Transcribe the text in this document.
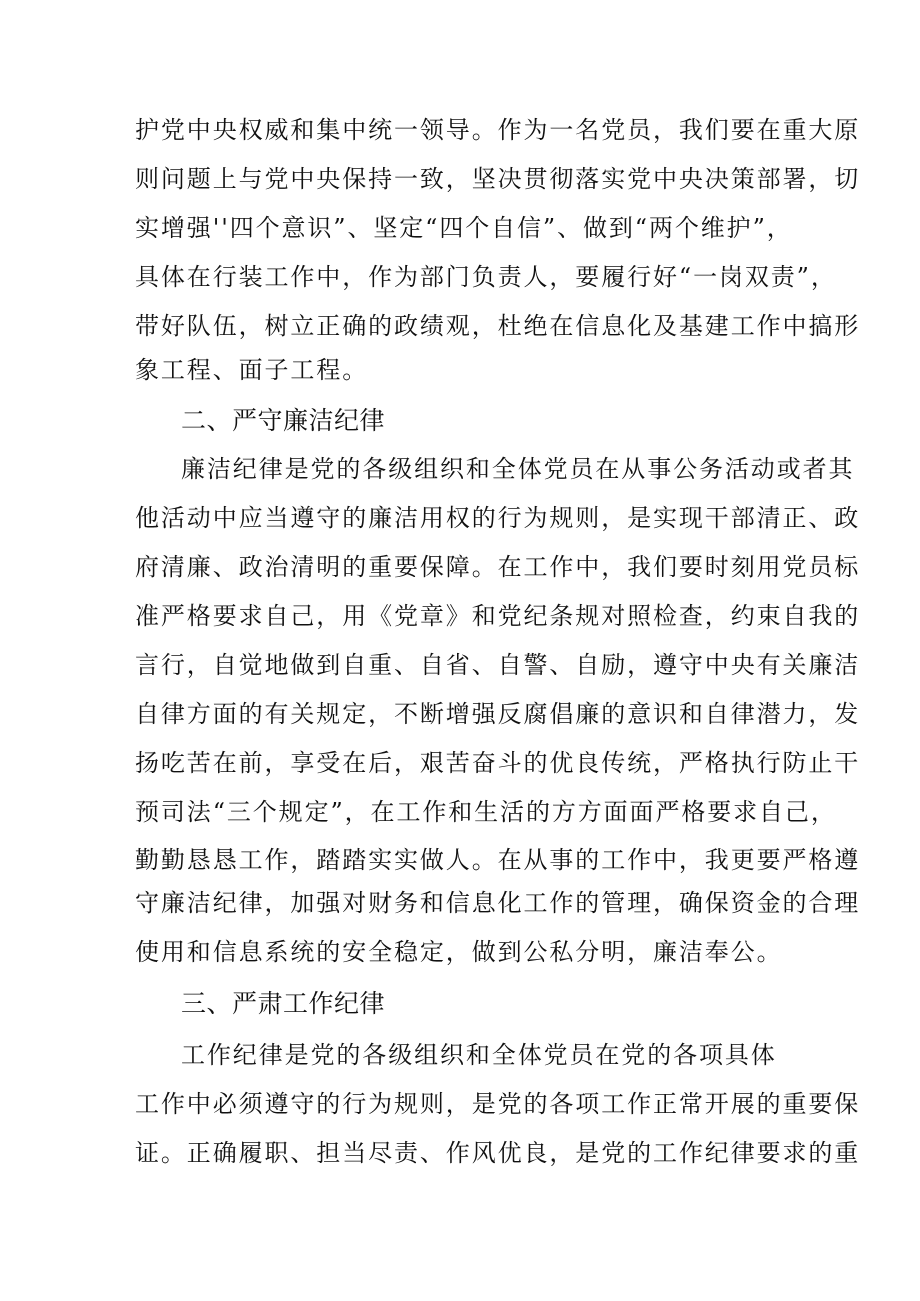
护党中央权威和集中统一领导。作为一名党员，我们要在重大原
则问题上与党中央保持一致，坚决贯彻落实党中央决策部署，切
实增强''四个意识”、坚定“四个自信”、做到“两个维护”，
具体在行装工作中，作为部门负责人，要履行好“一岗双责”，
带好队伍，树立正确的政绩观，杜绝在信息化及基建工作中搞形
象工程、面子工程。
二、严守廉洁纪律
廉洁纪律是党的各级组织和全体党员在从事公务活动或者其
他活动中应当遵守的廉洁用权的行为规则，是实现干部清正、政
府清廉、政治清明的重要保障。在工作中，我们要时刻用党员标
准严格要求自己，用《党章》和党纪条规对照检查，约束自我的
言行，自觉地做到自重、自省、自警、自励，遵守中央有关廉洁
自律方面的有关规定，不断增强反腐倡廉的意识和自律潜力，发
扬吃苦在前，享受在后，艰苦奋斗的优良传统，严格执行防止干
预司法“三个规定”，在工作和生活的方方面面严格要求自己，
勤勤恳恳工作，踏踏实实做人。在从事的工作中，我更要严格遵
守廉洁纪律，加强对财务和信息化工作的管理，确保资金的合理
使用和信息系统的安全稳定，做到公私分明，廉洁奉公。
三、严肃工作纪律
工作纪律是党的各级组织和全体党员在党的各项具体
工作中必须遵守的行为规则，是党的各项工作正常开展的重要保
证。正确履职、担当尽责、作风优良，是党的工作纪律要求的重
